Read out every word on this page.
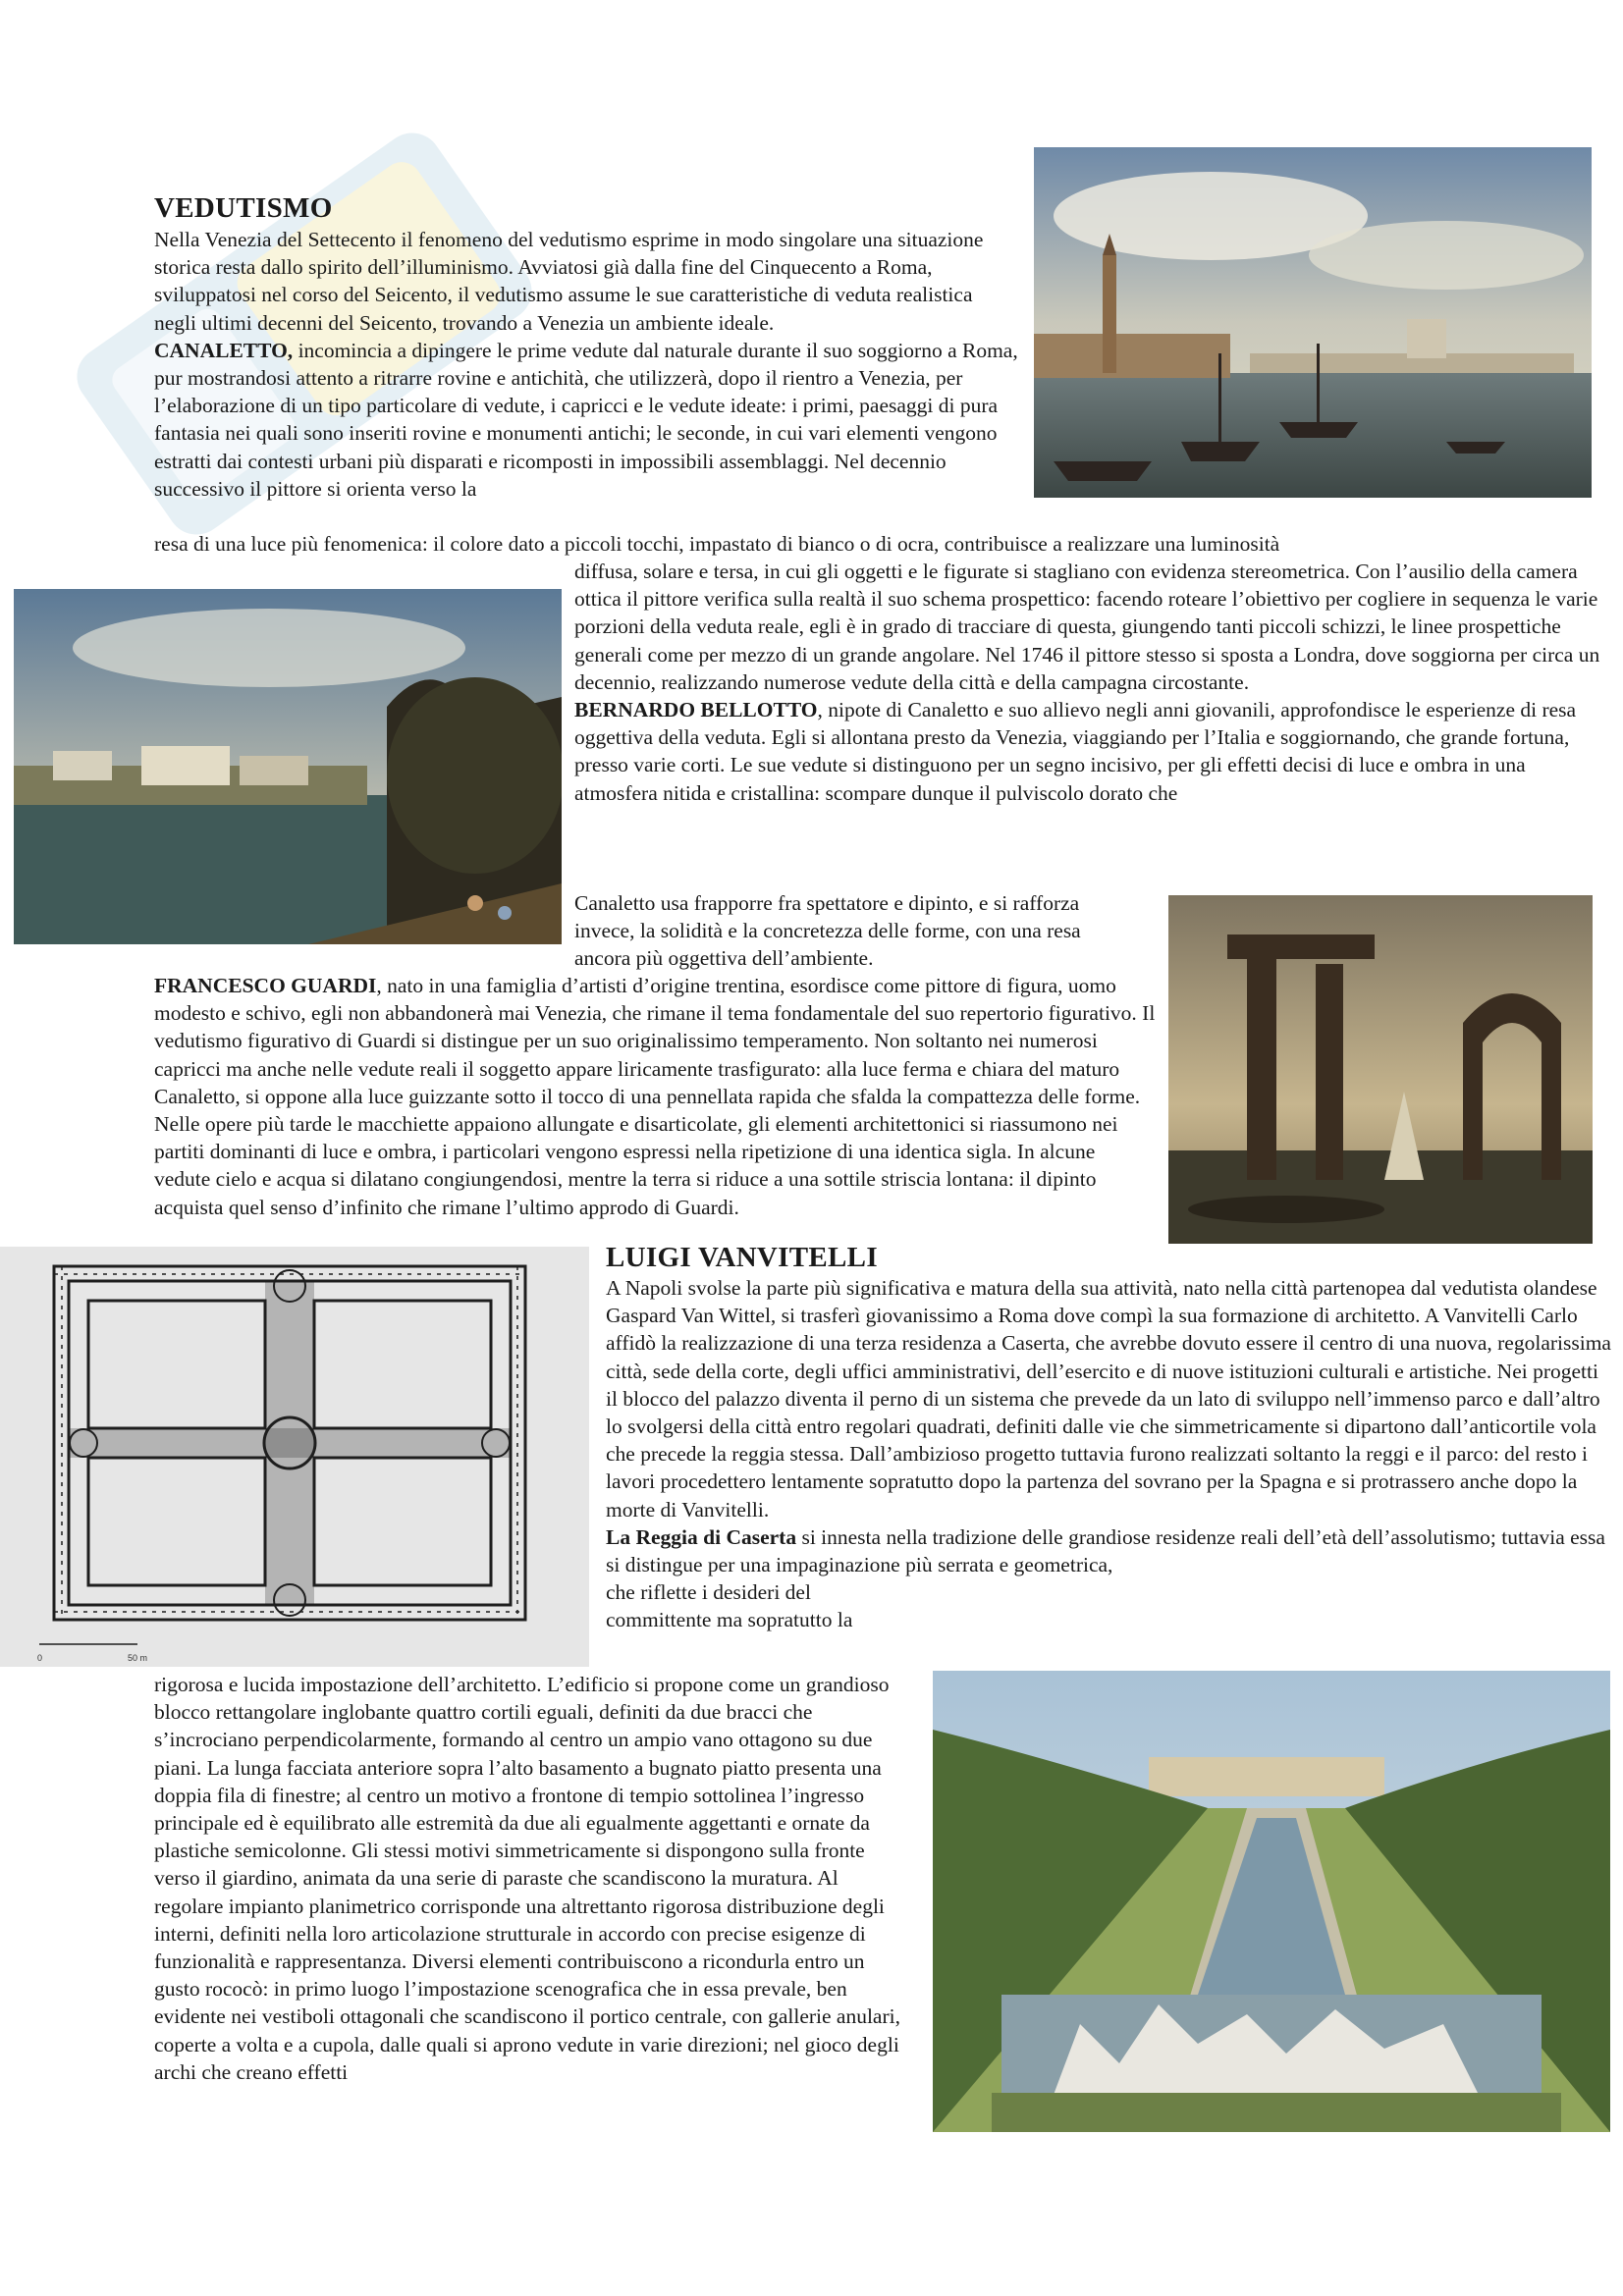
VEDUTISMO

Nella Venezia del Settecento il fenomeno del vedutismo esprime in modo singolare una situazione storica resta dallo spirito dell’illuminismo. Avviatosi già dalla fine del Cinquecento a Roma, sviluppatosi nel corso del Seicento, il vedutismo assume le sue caratteristiche di veduta realistica negli ultimi decenni del Seicento, trovando a Venezia un ambiente ideale.
CANALETTO, incomincia a dipingere le prime vedute dal naturale durante il suo soggiorno a Roma, pur mostrandosi attento a ritrarre rovine e antichità, che utilizzerà, dopo il rientro a Venezia, per l’elaborazione di un tipo particolare di vedute, i capricci e le vedute ideate: i primi, paesaggi di pura fantasia nei quali sono inseriti rovine e monumenti antichi; le seconde, in cui vari elementi vengono estratti dai contesti urbani più disparati e ricomposti in impossibili assemblaggi. Nel decennio successivo il pittore si orienta verso la

resa di una luce più fenomenica: il colore dato a piccoli tocchi, impastato di bianco o di ocra, contribuisce a realizzare una luminosità

diffusa, solare e tersa, in cui gli oggetti e le figurate si stagliano con evidenza stereometrica. Con l’ausilio della camera ottica il pittore verifica sulla realtà il suo schema prospettico: facendo roteare l’obiettivo per cogliere in sequenza le varie porzioni della veduta reale, egli è in grado di tracciare di questa, giungendo tanti piccoli schizzi, le linee prospettiche generali come per mezzo di un grande angolare. Nel 1746 il pittore stesso si sposta a Londra, dove soggiorna per circa un decennio, realizzando numerose vedute della città e della campagna circostante.
BERNARDO BELLOTTO, nipote di Canaletto e suo allievo negli anni giovanili, approfondisce le esperienze di resa oggettiva della veduta. Egli si allontana presto da Venezia, viaggiando per l’Italia e soggiornando, che grande fortuna, presso varie corti. Le sue vedute si distinguono per un segno incisivo, per gli effetti decisi di luce e ombra in una atmosfera nitida e cristallina: scompare dunque il pulviscolo dorato che

Canaletto usa frapporre fra spettatore e dipinto, e si rafforza invece, la solidità e la concretezza delle forme, con una resa ancora più oggettiva dell’ambiente.

FRANCESCO GUARDI, nato in una famiglia d’artisti d’origine trentina, esordisce come pittore di figura, uomo modesto e schivo, egli non abbandonerà mai Venezia, che rimane il tema fondamentale del suo repertorio figurativo. Il vedutismo figurativo di Guardi si distingue per un suo originalissimo temperamento. Non soltanto nei numerosi capricci ma anche nelle vedute reali il soggetto appare liricamente trasfigurato: alla luce ferma e chiara del maturo Canaletto, si oppone alla luce guizzante sotto il tocco di una pennellata rapida che sfalda la compattezza delle forme. Nelle opere più tarde le macchiette appaiono allungate e disarticolate, gli elementi architettonici si riassumono nei partiti dominanti di luce e ombra, i particolari vengono espressi nella ripetizione di una identica sigla. In alcune vedute cielo e acqua si dilatano congiungendosi, mentre la terra si riduce a una sottile striscia lontana: il dipinto acquista quel senso d’infinito che rimane l’ultimo approdo di Guardi.

0	50 m
LUIGI VANVITELLI

A Napoli svolse la parte più significativa e matura della sua attività, nato nella città partenopea dal vedutista olandese Gaspard Van Wittel, si trasferì giovanissimo a Roma dove compì la sua formazione di architetto. A Vanvitelli Carlo affidò la realizzazione di una terza residenza a Caserta, che avrebbe dovuto essere il centro di una nuova, regolarissima città, sede della corte, degli uffici amministrativi, dell’esercito e di nuove istituzioni culturali e artistiche. Nei progetti il blocco del palazzo diventa il perno di un sistema che prevede da un lato di sviluppo nell’immenso parco e dall’altro lo svolgersi della città entro regolari quadrati, definiti dalle vie che simmetricamente si dipartono dall’anticortile vola che precede la reggia stessa. Dall’ambizioso progetto tuttavia furono realizzati soltanto la reggi e il parco: del resto i lavori procedettero lentamente sopratutto dopo la partenza del sovrano per la Spagna e si protrassero anche dopo la morte di Vanvitelli.
La Reggia di Caserta si innesta nella tradizione delle grandiose residenze reali dell’età dell’assolutismo; tuttavia essa si distingue per una impaginazione più serrata e geometrica,
che riflette i desideri del committente ma sopratutto la

rigorosa e lucida impostazione dell’architetto. L’edificio si propone come un grandioso blocco rettangolare inglobante quattro cortili eguali, definiti da due bracci che s’incrociano perpendicolarmente, formando al centro un ampio vano ottagono su due piani. La lunga facciata anteriore sopra l’alto basamento a bugnato piatto presenta una doppia fila di finestre; al centro un motivo a frontone di tempio sottolinea l’ingresso principale ed è equilibrato alle estremità da due ali egualmente aggettanti e ornate da plastiche semicolonne. Gli stessi motivi simmetricamente si dispongono sulla fronte verso il giardino, animata da una serie di paraste che scandiscono la muratura. Al regolare impianto planimetrico corrisponde una altrettanto rigorosa distribuzione degli interni, definiti nella loro articolazione strutturale in accordo con precise esigenze di funzionalità e rappresentanza. Diversi elementi contribuiscono a ricondurla entro un gusto rococò: in primo luogo l’impostazione scenografica che in essa prevale, ben evidente nei vestiboli ottagonali che scandiscono il portico centrale, con gallerie anulari, coperte a volta e a cupola, dalle quali si aprono vedute in varie direzioni; nel gioco degli archi che creano effetti
